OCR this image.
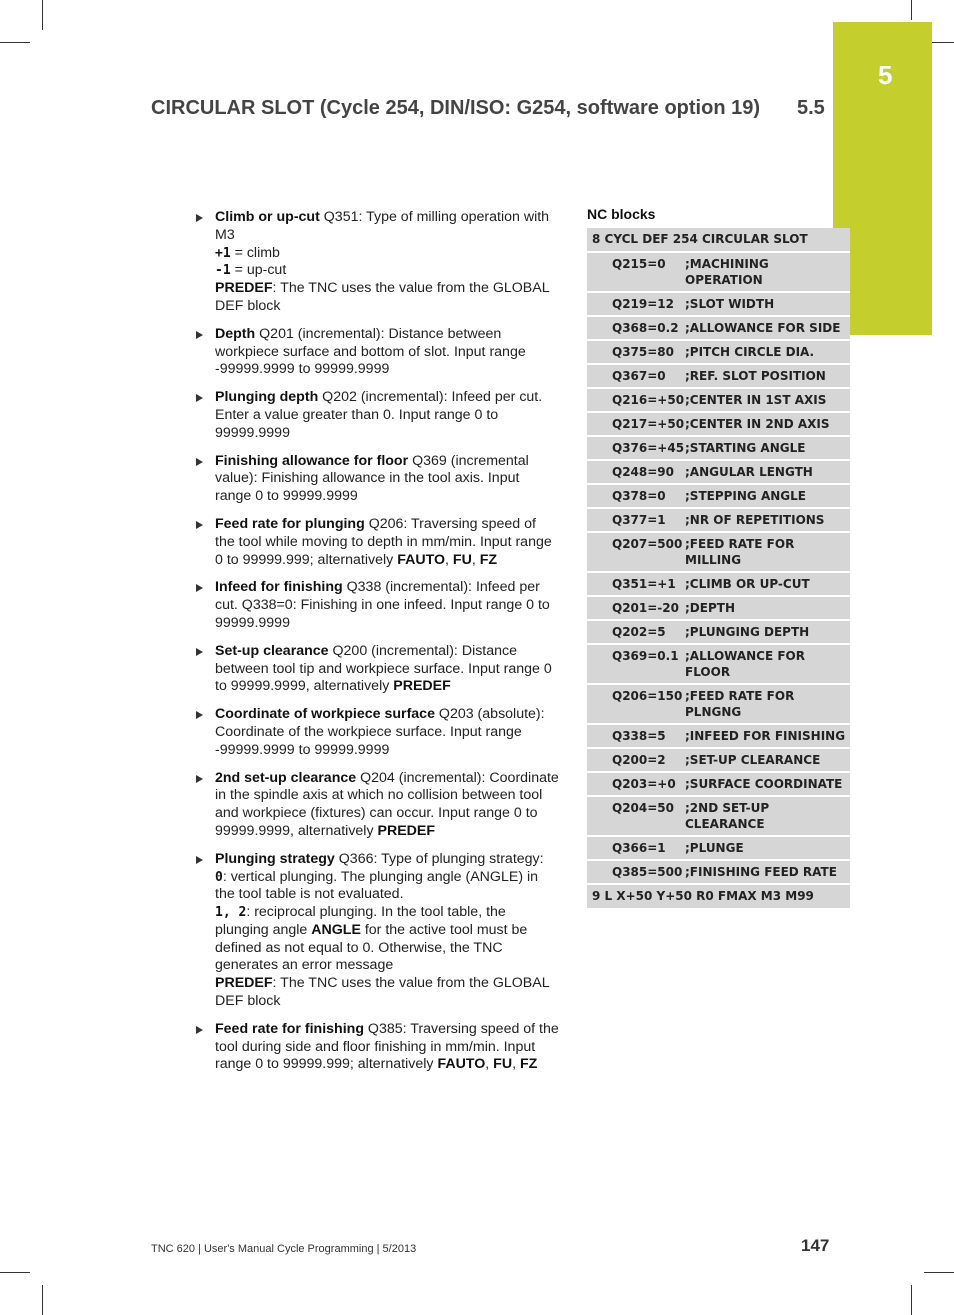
5
CIRCULAR SLOT (Cycle 254, DIN/ISO: G254, software option 19) 5.5
Climb or up-cut Q351: Type of milling operation with M3
+1 = climb
-1 = up-cut
PREDEF: The TNC uses the value from the GLOBAL DEF block
Depth Q201 (incremental): Distance between workpiece surface and bottom of slot. Input range -99999.9999 to 99999.9999
Plunging depth Q202 (incremental): Infeed per cut. Enter a value greater than 0. Input range 0 to 99999.9999
Finishing allowance for floor Q369 (incremental value): Finishing allowance in the tool axis. Input range 0 to 99999.9999
Feed rate for plunging Q206: Traversing speed of the tool while moving to depth in mm/min. Input range 0 to 99999.999; alternatively FAUTO, FU, FZ
Infeed for finishing Q338 (incremental): Infeed per cut. Q338=0: Finishing in one infeed. Input range 0 to 99999.9999
Set-up clearance Q200 (incremental): Distance between tool tip and workpiece surface. Input range 0 to 99999.9999, alternatively PREDEF
Coordinate of workpiece surface Q203 (absolute): Coordinate of the workpiece surface. Input range -99999.9999 to 99999.9999
2nd set-up clearance Q204 (incremental): Coordinate in the spindle axis at which no collision between tool and workpiece (fixtures) can occur. Input range 0 to 99999.9999, alternatively PREDEF
Plunging strategy Q366: Type of plunging strategy:
0: vertical plunging. The plunging angle (ANGLE) in the tool table is not evaluated.
1, 2: reciprocal plunging. In the tool table, the plunging angle ANGLE for the active tool must be defined as not equal to 0. Otherwise, the TNC generates an error message
PREDEF: The TNC uses the value from the GLOBAL DEF block
Feed rate for finishing Q385: Traversing speed of the tool during side and floor finishing in mm/min. Input range 0 to 99999.999; alternatively FAUTO, FU, FZ
NC blocks
8 CYCL DEF 254 CIRCULAR SLOT
Q215=0	;MACHINING OPERATION
Q219=12 ;SLOT WIDTH
Q368=0.2 ;ALLOWANCE FOR SIDE
Q375=80 ;PITCH CIRCLE DIA.
Q367=0	;REF. SLOT POSITION
Q216=+50 ;CENTER IN 1ST AXIS
Q217=+50 ;CENTER IN 2ND AXIS
Q376=+45 ;STARTING ANGLE
Q248=90 ;ANGULAR LENGTH
Q378=0	;STEPPING ANGLE
Q377=1	;NR OF REPETITIONS
Q207=500 ;FEED RATE FOR MILLING
Q351=+1 ;CLIMB OR UP-CUT
Q201=-20 ;DEPTH
Q202=5	;PLUNGING DEPTH
Q369=0.1 ;ALLOWANCE FOR FLOOR
Q206=150 ;FEED RATE FOR PLNGNG
Q338=5	;INFEED FOR FINISHING
Q200=2	;SET-UP CLEARANCE
Q203=+0 ;SURFACE COORDINATE
Q204=50 ;2ND SET-UP CLEARANCE
Q366=1	;PLUNGE
Q385=500 ;FINISHING FEED RATE
9 L X+50 Y+50 R0 FMAX M3 M99
TNC 620 | User's Manual Cycle Programming | 5/2013	147
